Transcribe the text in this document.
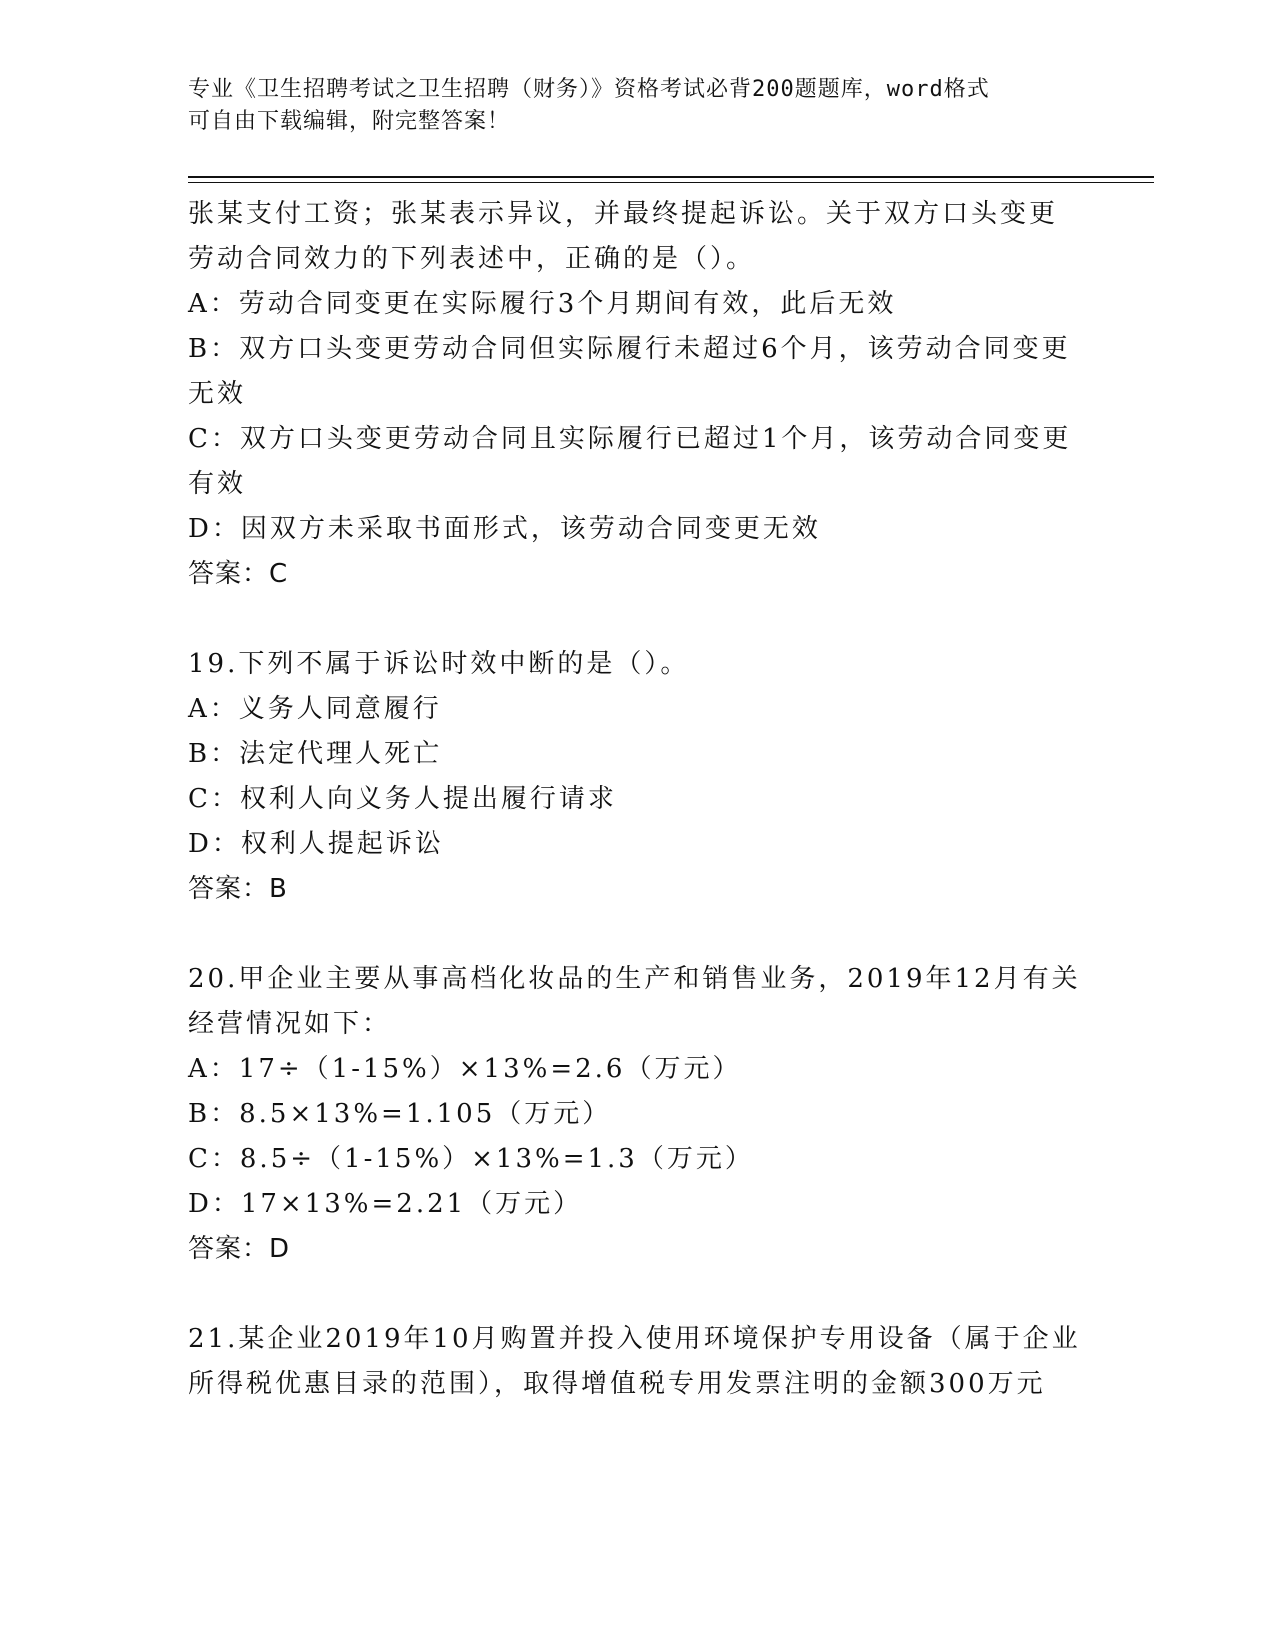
专业《卫生招聘考试之卫生招聘（财务）》资格考试必背200题题库，word格式
可自由下载编辑，附完整答案！
张某支付工资；张某表示异议，并最终提起诉讼。关于双方口头变更
劳动合同效力的下列表述中，正确的是（）。
A：劳动合同变更在实际履行3个月期间有效，此后无效
B：双方口头变更劳动合同但实际履行未超过6个月，该劳动合同变更
无效
C：双方口头变更劳动合同且实际履行已超过1个月，该劳动合同变更
有效
D：因双方未采取书面形式，该劳动合同变更无效
答案：C
19.下列不属于诉讼时效中断的是（）。
A：义务人同意履行
B：法定代理人死亡
C：权利人向义务人提出履行请求
D：权利人提起诉讼
答案：B
20.甲企业主要从事高档化妆品的生产和销售业务，2019年12月有关
经营情况如下：
A：17÷（1-15%）×13%=2.6（万元）
B：8.5×13%=1.105（万元）
C：8.5÷（1-15%）×13%=1.3（万元）
D：17×13%=2.21（万元）
答案：D
21.某企业2019年10月购置并投入使用环境保护专用设备（属于企业
所得税优惠目录的范围），取得增值税专用发票注明的金额300万元
